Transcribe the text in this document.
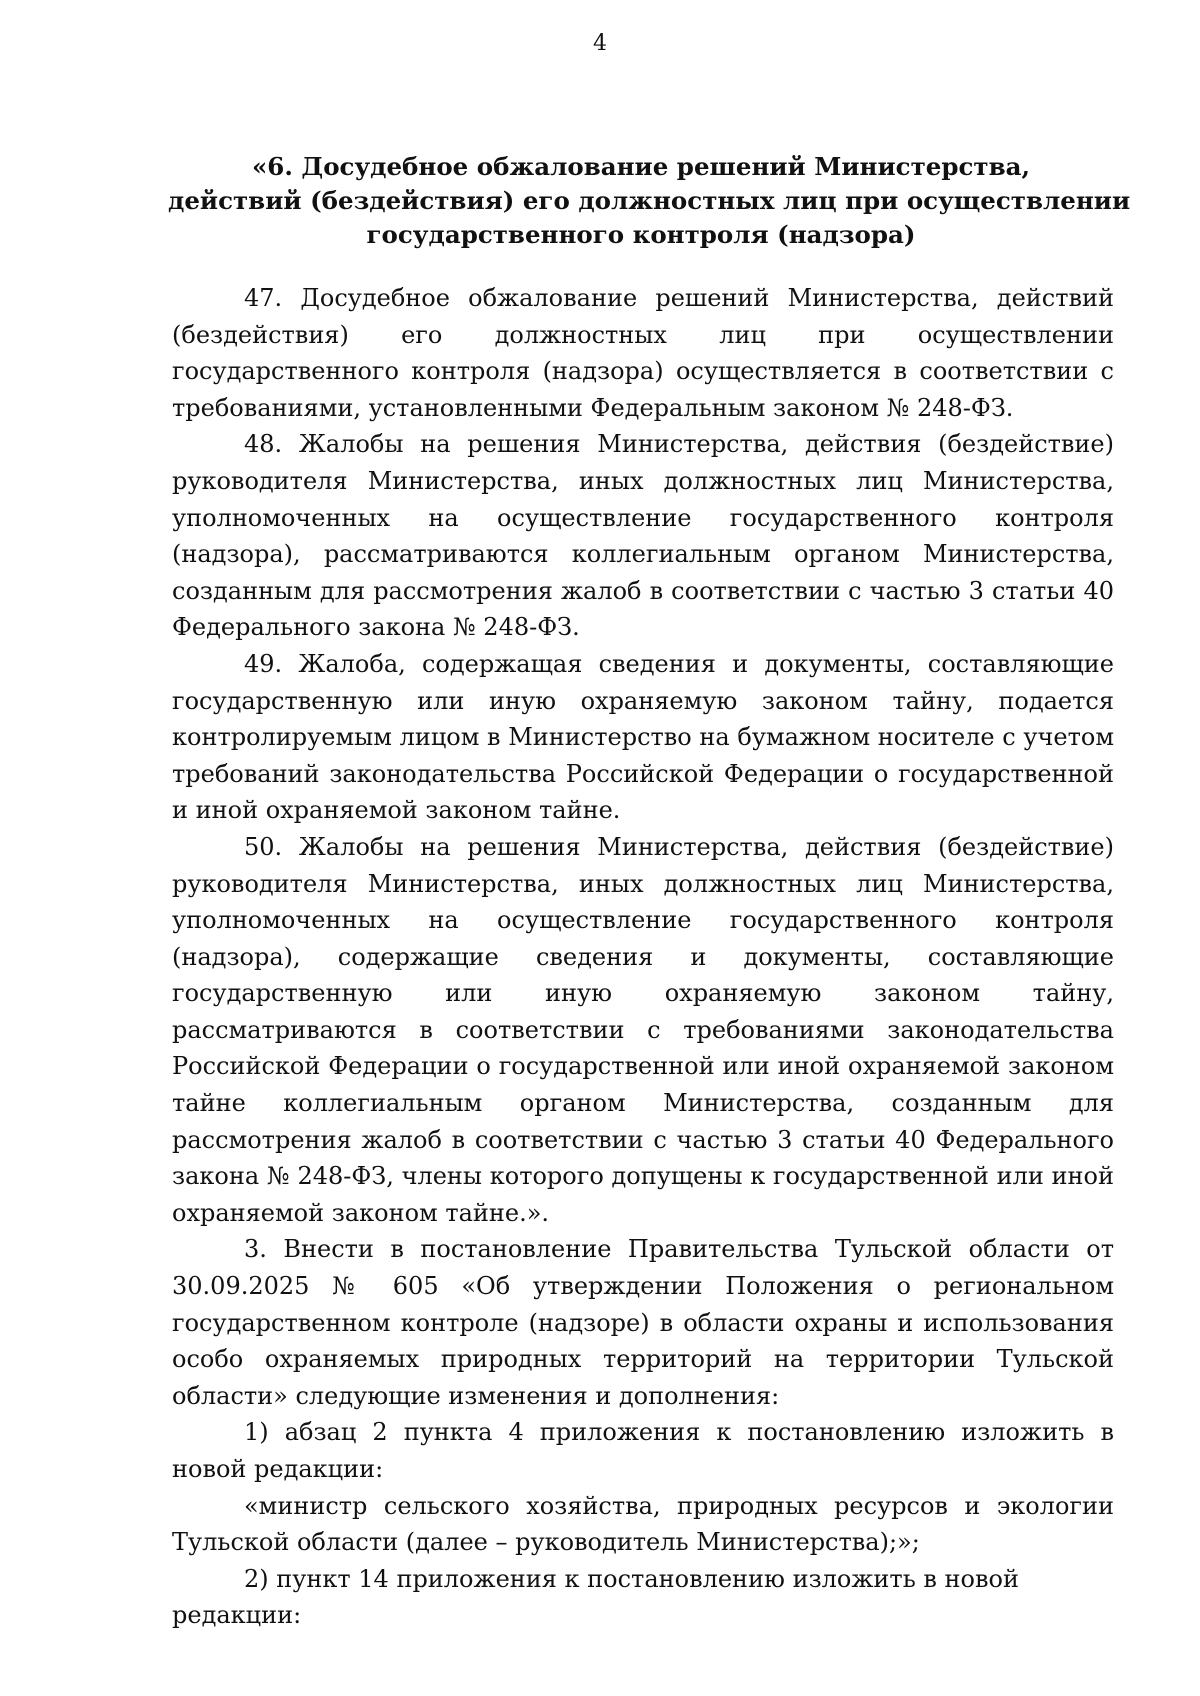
4
«6. Досудебное обжалование решений Министерства,
действий (бездействия) его должностных лиц при осуществлении
государственного контроля (надзора)

47. Досудебное обжалование решений Министерства, действий (бездействия) его должностных лиц при осуществлении государственного контроля (надзора) осуществляется в соответствии с требованиями, установленными Федеральным законом № 248-ФЗ.

48. Жалобы на решения Министерства, действия (бездействие) руководителя Министерства, иных должностных лиц Министерства, уполномоченных на осуществление государственного контроля (надзора), рассматриваются коллегиальным органом Министерства, созданным для рассмотрения жалоб в соответствии с частью 3 статьи 40 Федерального закона № 248-ФЗ.

49. Жалоба, содержащая сведения и документы, составляющие государственную или иную охраняемую законом тайну, подается контролируемым лицом в Министерство на бумажном носителе с учетом требований законодательства Российской Федерации о государственной и иной охраняемой законом тайне.

50. Жалобы на решения Министерства, действия (бездействие) руководителя Министерства, иных должностных лиц Министерства, уполномоченных на осуществление государственного контроля (надзора), содержащие сведения и документы, составляющие государственную или иную охраняемую законом тайну, рассматриваются в соответствии с требованиями законодательства Российской Федерации о государственной или иной охраняемой законом тайне коллегиальным органом Министерства, созданным для рассмотрения жалоб в соответствии с частью 3 статьи 40 Федерального закона № 248-ФЗ, члены которого допущены к государственной или иной охраняемой законом тайне.».

3. Внести в постановление Правительства Тульской области от 30.09.2025 № 605 «Об утверждении Положения о региональном государственном контроле (надзоре) в области охраны и использования особо охраняемых природных территорий на территории Тульской области» следующие изменения и дополнения:

1) абзац 2 пункта 4 приложения к постановлению изложить в новой редакции:

«министр сельского хозяйства, природных ресурсов и экологии Тульской области (далее – руководитель Министерства);»;

2) пункт 14 приложения к постановлению изложить в новой редакции:
